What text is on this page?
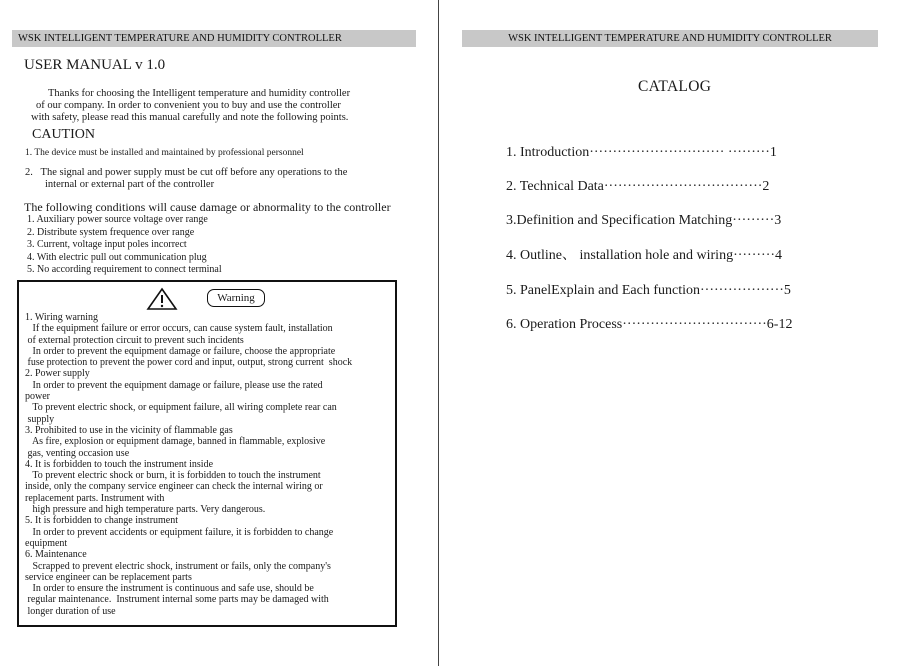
WSK INTELLIGENT TEMPERATURE AND HUMIDITY CONTROLLER
USER MANUAL v 1.0
Thanks for choosing the Intelligent temperature and humidity controller
of our company. In order to convenient you to buy and use the controller
with safety, please read this manual carefully and note the following points.
CAUTION
1. The device must be installed and maintained by professional personnel
2.   The signal and power supply must be cut off before any operations to the
internal or external part of the controller
The following conditions will cause damage or abnormality to the controller
1. Auxiliary power source voltage over range
2. Distribute system frequence over range
3. Current, voltage input poles incorrect
4. With electric pull out communication plug
5. No according requirement to connect terminal
Warning
1. Wiring warning
If the equipment failure or error occurs, can cause system fault, installation
of external protection circuit to prevent such incidents
In order to prevent the equipment damage or failure, choose the appropriate
fuse protection to prevent the power cord and input, output, strong current  shock
2. Power supply
In order to prevent the equipment damage or failure, please use the rated
power
To prevent electric shock, or equipment failure, all wiring complete rear can
supply
3. Prohibited to use in the vicinity of flammable gas
As fire, explosion or equipment damage, banned in flammable, explosive
gas, venting occasion use
4. It is forbidden to touch the instrument inside
To prevent electric shock or burn, it is forbidden to touch the instrument
inside, only the company service engineer can check the internal wiring or
replacement parts. Instrument with
high pressure and high temperature parts. Very dangerous.
5. It is forbidden to change instrument
In order to prevent accidents or equipment failure, it is forbidden to change
equipment
6. Maintenance
Scrapped to prevent electric shock, instrument or fails, only the company's
service engineer can be replacement parts
In order to ensure the instrument is continuous and safe use, should be
regular maintenance.  Instrument internal some parts may be damaged with
longer duration of use
WSK INTELLIGENT TEMPERATURE AND HUMIDITY CONTROLLER
CATALOG
1. Introduction····························· ·········1
2. Technical Data··································2
3.Definition and Specification Matching·········3
4. Outline、 installation hole and wiring·········4
5. PanelExplain and Each function··················5
6. Operation Process·······························6-12
